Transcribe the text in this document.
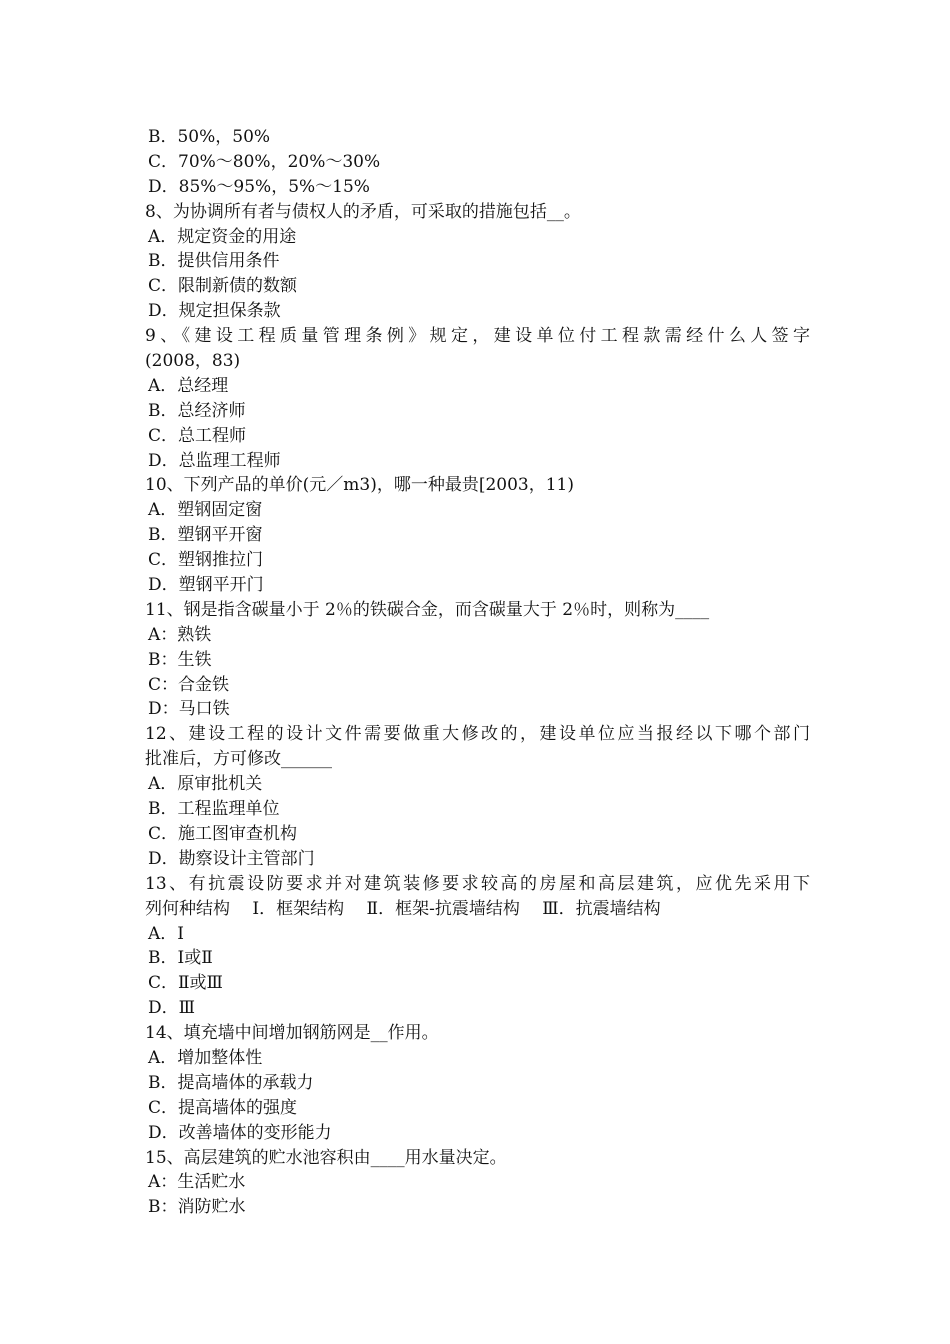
B．50%，50%
C．70%～80%，20%～30%
D．85%～95%，5%～15%
8、为协调所有者与债权人的矛盾，可采取的措施包括__。
A．规定资金的用途
B．提供信用条件
C．限制新债的数额
D．规定担保条款
9、《建设工程质量管理条例》规定，建设单位付工程款需经什么人签字
(2008，83)
A．总经理
B．总经济师
C．总工程师
D．总监理工程师
10、下列产品的单价(元／m3)，哪一种最贵[2003，11)
A．塑钢固定窗
B．塑钢平开窗
C．塑钢推拉门
D．塑钢平开门
11、钢是指含碳量小于 2％的铁碳合金，而含碳量大于 2％时，则称为____
A：熟铁
B：生铁
C：合金铁
D：马口铁
12、建设工程的设计文件需要做重大修改的，建设单位应当报经以下哪个部门
批准后，方可修改______
A．原审批机关
B．工程监理单位
C．施工图审查机构
D．勘察设计主管部门
13、有抗震设防要求并对建筑装修要求较高的房屋和高层建筑，应优先采用下
列何种结构　 Ⅰ．框架结构　 Ⅱ．框架-抗震墙结构　 Ⅲ．抗震墙结构
A．Ⅰ
B．Ⅰ或Ⅱ
C．Ⅱ或Ⅲ
D．Ⅲ
14、填充墙中间增加钢筋网是__作用。
A．增加整体性
B．提高墙体的承载力
C．提高墙体的强度
D．改善墙体的变形能力
15、高层建筑的贮水池容积由____用水量决定。
A：生活贮水
B：消防贮水
